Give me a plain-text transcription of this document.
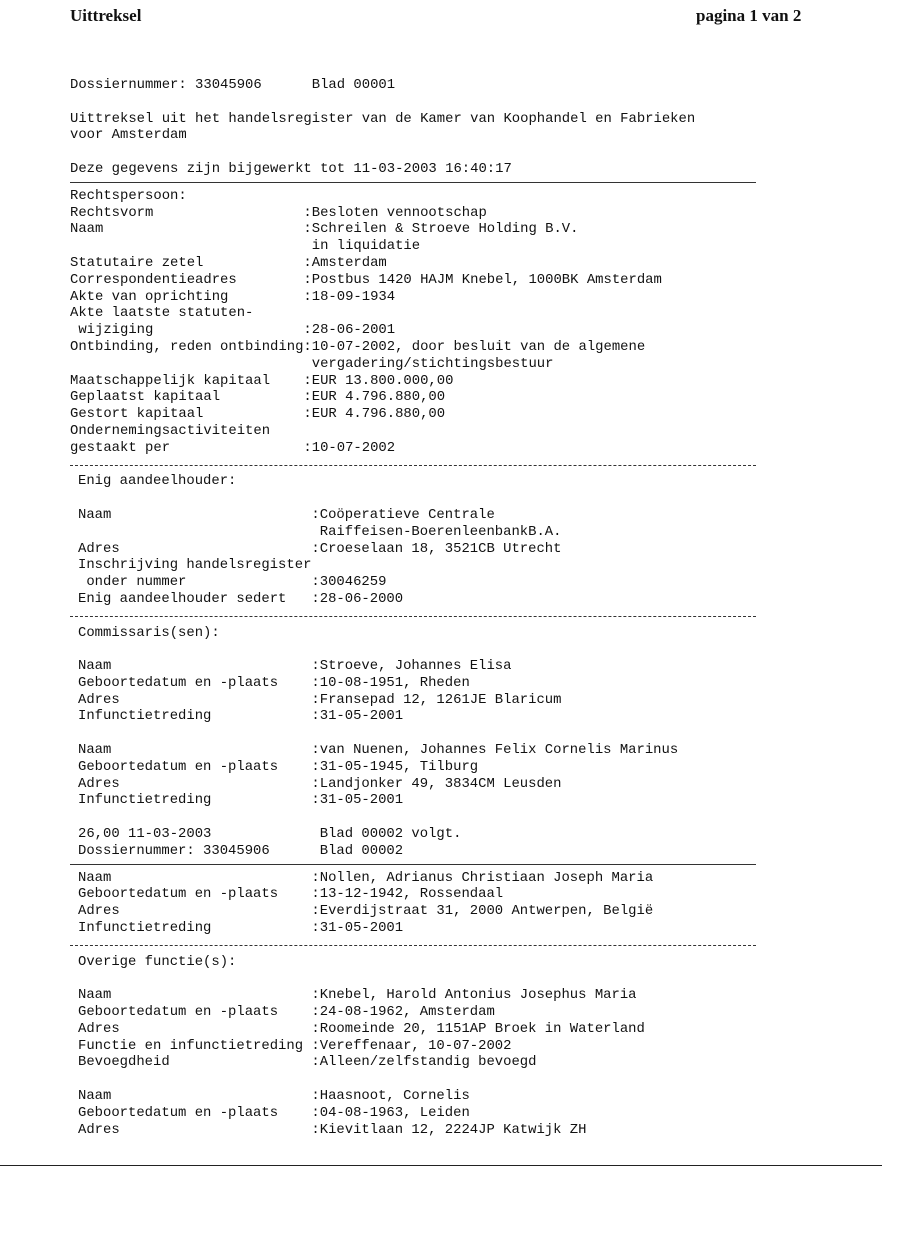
Uittreksel	pagina 1 van 2
Dossiernummer: 33045906      Blad 00001
Uittreksel uit het handelsregister van de Kamer van Koophandel en Fabrieken
voor Amsterdam
Deze gegevens zijn bijgewerkt tot 11-03-2003 16:40:17
Rechtspersoon:
Rechtsvorm                  :Besloten vennootschap
Naam                        :Schreilen & Stroeve Holding B.V.
in liquidatie
Statutaire zetel            :Amsterdam
Correspondentieadres        :Postbus 1420 HAJM Knebel, 1000BK Amsterdam
Akte van oprichting         :18-09-1934
Akte laatste statuten-
wijziging                  :28-06-2001
Ontbinding, reden ontbinding:10-07-2002, door besluit van de algemene
vergadering/stichtingsbestuur
Maatschappelijk kapitaal    :EUR 13.800.000,00
Geplaatst kapitaal          :EUR 4.796.880,00
Gestort kapitaal            :EUR 4.796.880,00
Ondernemingsactiviteiten
gestaakt per                :10-07-2002
Enig aandeelhouder:
Naam                        :Coöperatieve Centrale
Raiffeisen-BoerenleenbankB.A.
Adres                       :Croeselaan 18, 3521CB Utrecht
Inschrijving handelsregister
onder nummer               :30046259
Enig aandeelhouder sedert   :28-06-2000
Commissaris(sen):
Naam                        :Stroeve, Johannes Elisa
Geboortedatum en -plaats    :10-08-1951, Rheden
Adres                       :Fransepad 12, 1261JE Blaricum
Infunctietreding            :31-05-2001
Naam                        :van Nuenen, Johannes Felix Cornelis Marinus
Geboortedatum en -plaats    :31-05-1945, Tilburg
Adres                       :Landjonker 49, 3834CM Leusden
Infunctietreding            :31-05-2001
26,00 11-03-2003             Blad 00002 volgt.
Dossiernummer: 33045906      Blad 00002
Naam                        :Nollen, Adrianus Christiaan Joseph Maria
Geboortedatum en -plaats    :13-12-1942, Rossendaal
Adres                       :Everdijstraat 31, 2000 Antwerpen, België
Infunctietreding            :31-05-2001
Overige functie(s):
Naam                        :Knebel, Harold Antonius Josephus Maria
Geboortedatum en -plaats    :24-08-1962, Amsterdam
Adres                       :Roomeinde 20, 1151AP Broek in Waterland
Functie en infunctietreding :Vereffenaar, 10-07-2002
Bevoegdheid                 :Alleen/zelfstandig bevoegd
Naam                        :Haasnoot, Cornelis
Geboortedatum en -plaats    :04-08-1963, Leiden
Adres                       :Kievitlaan 12, 2224JP Katwijk ZH
